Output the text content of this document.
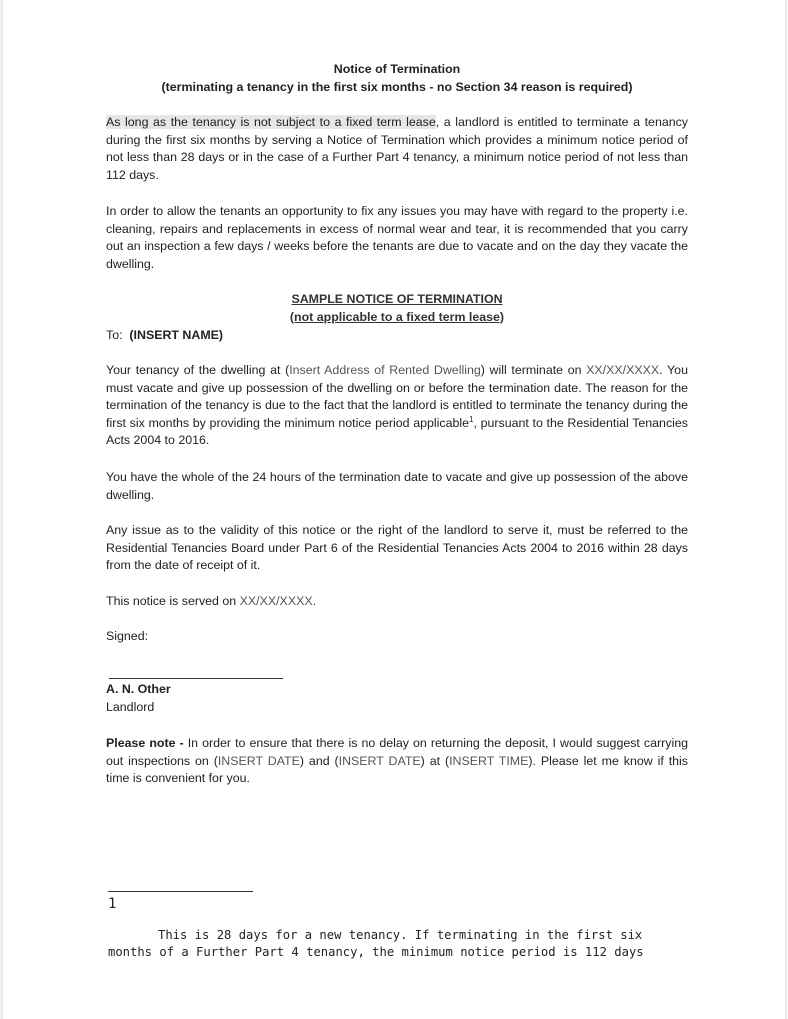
Notice of Termination
(terminating a tenancy in the first six months - no Section 34 reason is required)

As long as the tenancy is not subject to a fixed term lease, a landlord is entitled to terminate a tenancy during the first six months by serving a Notice of Termination which provides a minimum notice period of not less than 28 days or in the case of a Further Part 4 tenancy, a minimum notice period of not less than 112 days.

In order to allow the tenants an opportunity to fix any issues you may have with regard to the property i.e. cleaning, repairs and replacements in excess of normal wear and tear, it is recommended that you carry out an inspection a few days / weeks before the tenants are due to vacate and on the day they vacate the dwelling.

SAMPLE NOTICE OF TERMINATION

(not applicable to a fixed term lease)

To: (INSERT NAME)

Your tenancy of the dwelling at (Insert Address of Rented Dwelling) will terminate on XX/XX/XXXX. You must vacate and give up possession of the dwelling on or before the termination date. The reason for the termination of the tenancy is due to the fact that the landlord is entitled to terminate the tenancy during the first six months by providing the minimum notice period applicable$^1$, pursuant to the Residential Tenancies Acts 2004 to 2016.

You have the whole of the 24 hours of the termination date to vacate and give up possession of the above dwelling.

Any issue as to the validity of this notice or the right of the landlord to serve it, must be referred to the Residential Tenancies Board under Part 6 of the Residential Tenancies Acts 2004 to 2016 within 28 days from the date of receipt of it.

This notice is served on XX/XX/XXXX.

Signed:

A. N. Other

Landlord

Please note - In order to ensure that there is no delay on returning the deposit, I would suggest carrying out inspections on (INSERT DATE) and (INSERT DATE) at (INSERT TIME). Please let me know if this time is convenient for you.

1
This is 28 days for a new tenancy. If terminating in the first six months of a Further Part 4 tenancy, the minimum notice period is 112 days
